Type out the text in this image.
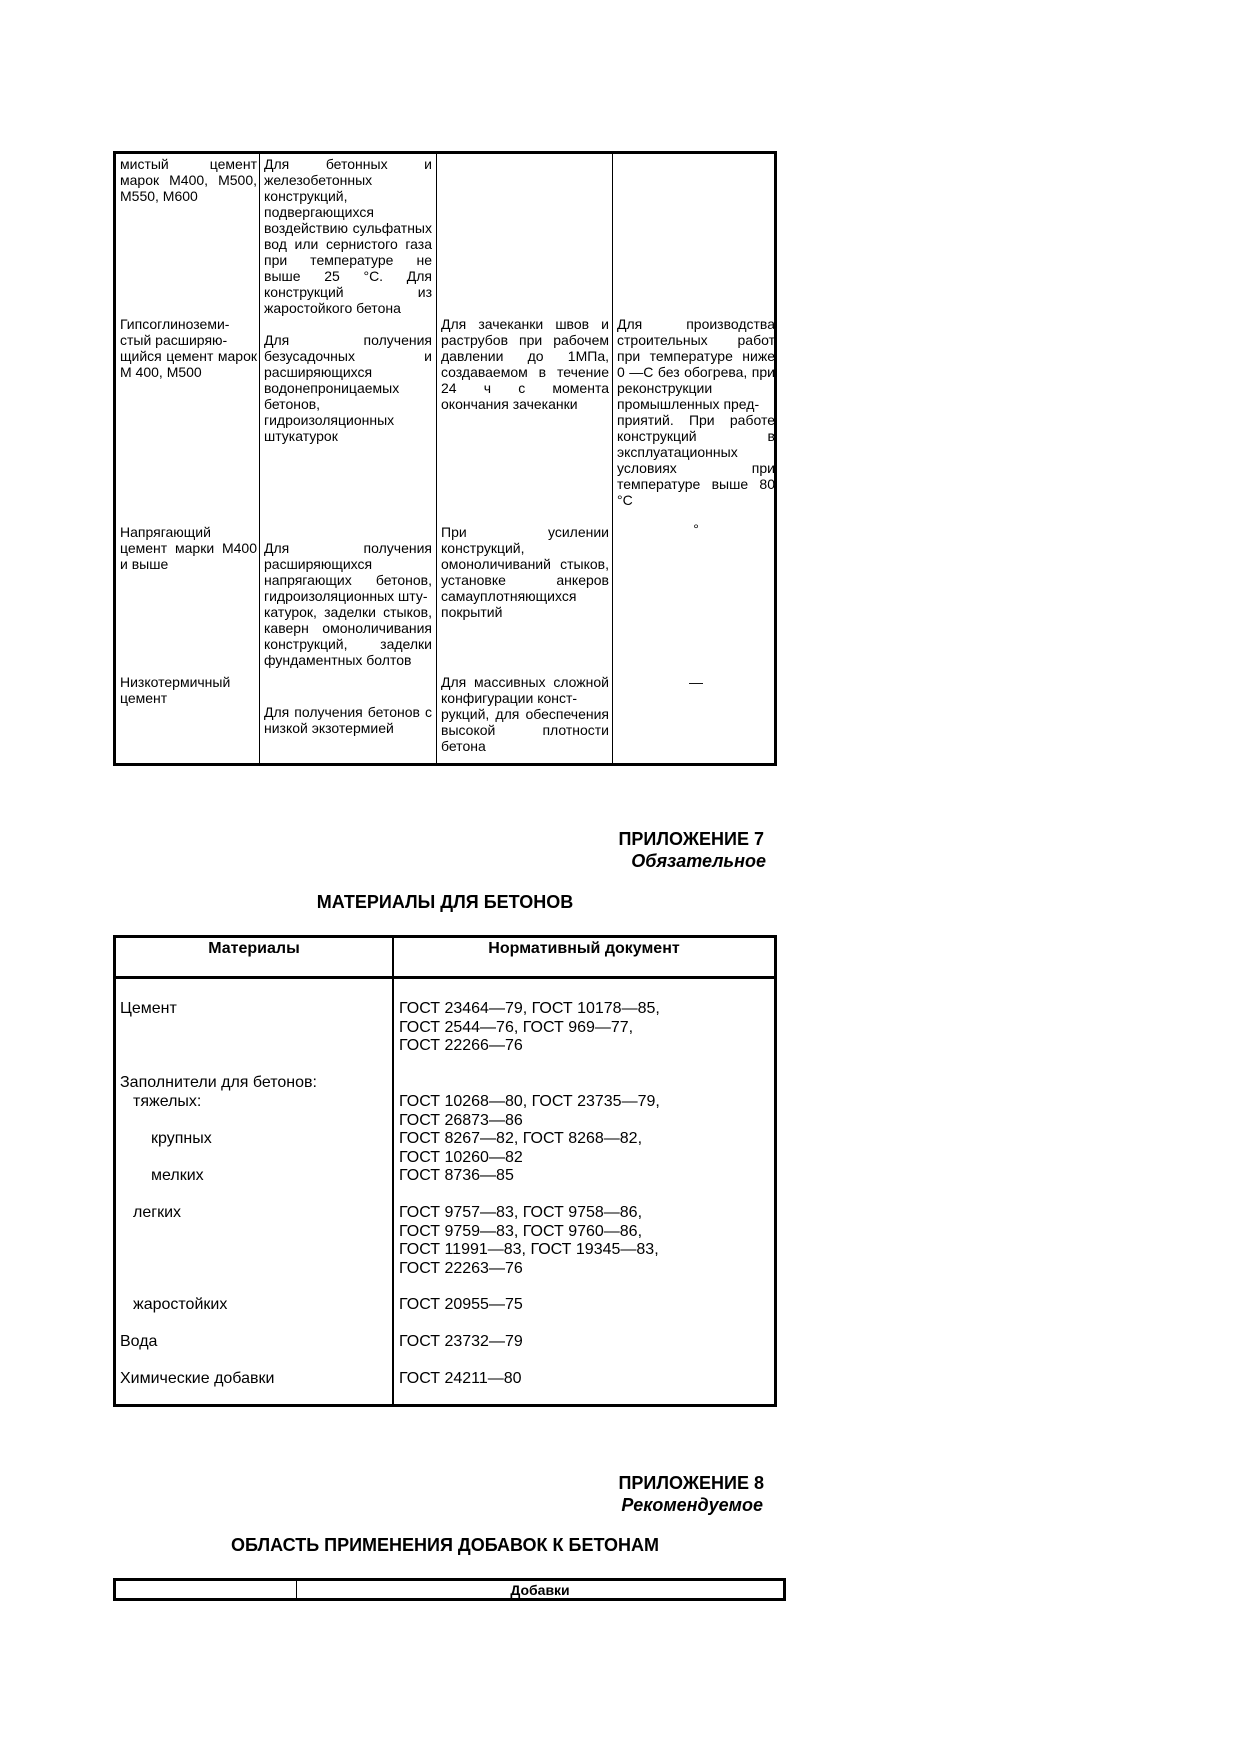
мистый цемент марок М400, М500, М550, М600
Для бетонных и железобетонных конструкций, подвергающихся воздействию сульфатных вод или сернистого газа при температуре не выше 25 °С. Для конструкций из жаростойкого бетона
Гипсоглиноземи-
стый расширяю-
щийся цемент марок М 400, М500
Для получения безусадочных и расширяющихся водонепроницаемых бетонов, гидроизоляционных штукатурок
Для зачеканки швов и раструбов при рабочем давлении до 1МПа, создаваемом в течение 24 ч с момента окончания зачеканки
Для производства строительных работ при температуре ниже 0 —С без обогрева, при реконструкции промышленных пред-
приятий. При работе конструкций в эксплуатационных условиях при температуре выше 80 °С
Напрягающий цемент марки М400 и выше
Для получения расширяющихся напрягающих бетонов, гидроизоляционных шту-
катурок, заделки стыков, каверн омоноличивания конструкций, заделки фундаментных болтов
При усилении конструкций, омоноличиваний стыков, установке анкеров самауплотняющихся покрытий
°
Низкотермичный цемент
Для получения бетонов с низкой экзотермией
Для массивных сложной конфигурации конст-
рукций, для обеспечения высокой плотности бетона
—
ПРИЛОЖЕНИЕ 7
Обязательное
МАТЕРИАЛЫ ДЛЯ БЕТОНОВ
Материалы	Нормативный документ
Цемент
Заполнители для бетонов:
тяжелых:
крупных
мелких
легких
жаростойких
Вода
Химические добавки
ГОСТ 23464—79, ГОСТ 10178—85,
ГОСТ 2544—76, ГОСТ 969—77,
ГОСТ 22266—76
ГОСТ 10268—80, ГОСТ 23735—79,
ГОСТ 26873—86
ГОСТ 8267—82, ГОСТ 8268—82,
ГОСТ 10260—82
ГОСТ 8736—85
ГОСТ 9757—83, ГОСТ 9758—86,
ГОСТ 9759—83, ГОСТ 9760—86,
ГОСТ 11991—83, ГОСТ 19345—83,
ГОСТ 22263—76
ГОСТ 20955—75
ГОСТ 23732—79
ГОСТ 24211—80
ПРИЛОЖЕНИЕ 8
Рекомендуемое
ОБЛАСТЬ ПРИМЕНЕНИЯ ДОБАВОК К БЕТОНАМ
Добавки
